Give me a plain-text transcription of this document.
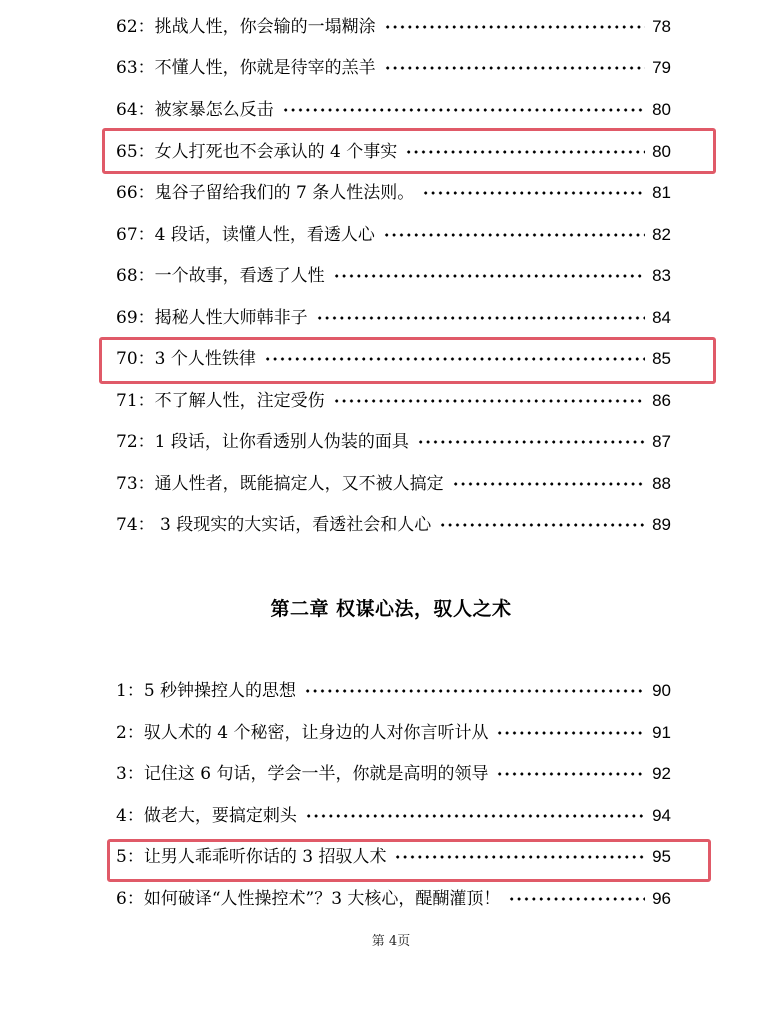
62：挑战人性，你会输的一塌糊涂	78
63：不懂人性，你就是待宰的羔羊	79
64：被家暴怎么反击	80
65：女人打死也不会承认的 4 个事实	80
66：鬼谷子留给我们的 7 条人性法则。	81
67：4 段话，读懂人性，看透人心	82
68：一个故事，看透了人性	83
69：揭秘人性大师韩非子	84
70：3 个人性铁律	85
71：不了解人性，注定受伤	86
72：1 段话，让你看透别人伪装的面具	87
73：通人性者，既能搞定人，又不被人搞定	88
74： 3 段现实的大实话，看透社会和人心	89
第二章 权谋心法，驭人之术
1：5 秒钟操控人的思想	90
2：驭人术的 4 个秘密，让身边的人对你言听计从	91
3：记住这 6 句话，学会一半，你就是高明的领导	92
4：做老大，要搞定刺头	94
5：让男人乖乖听你话的 3 招驭人术	95
6：如何破译“人性操控术”？3 大核心，醍醐灌顶！	96
第 4页
